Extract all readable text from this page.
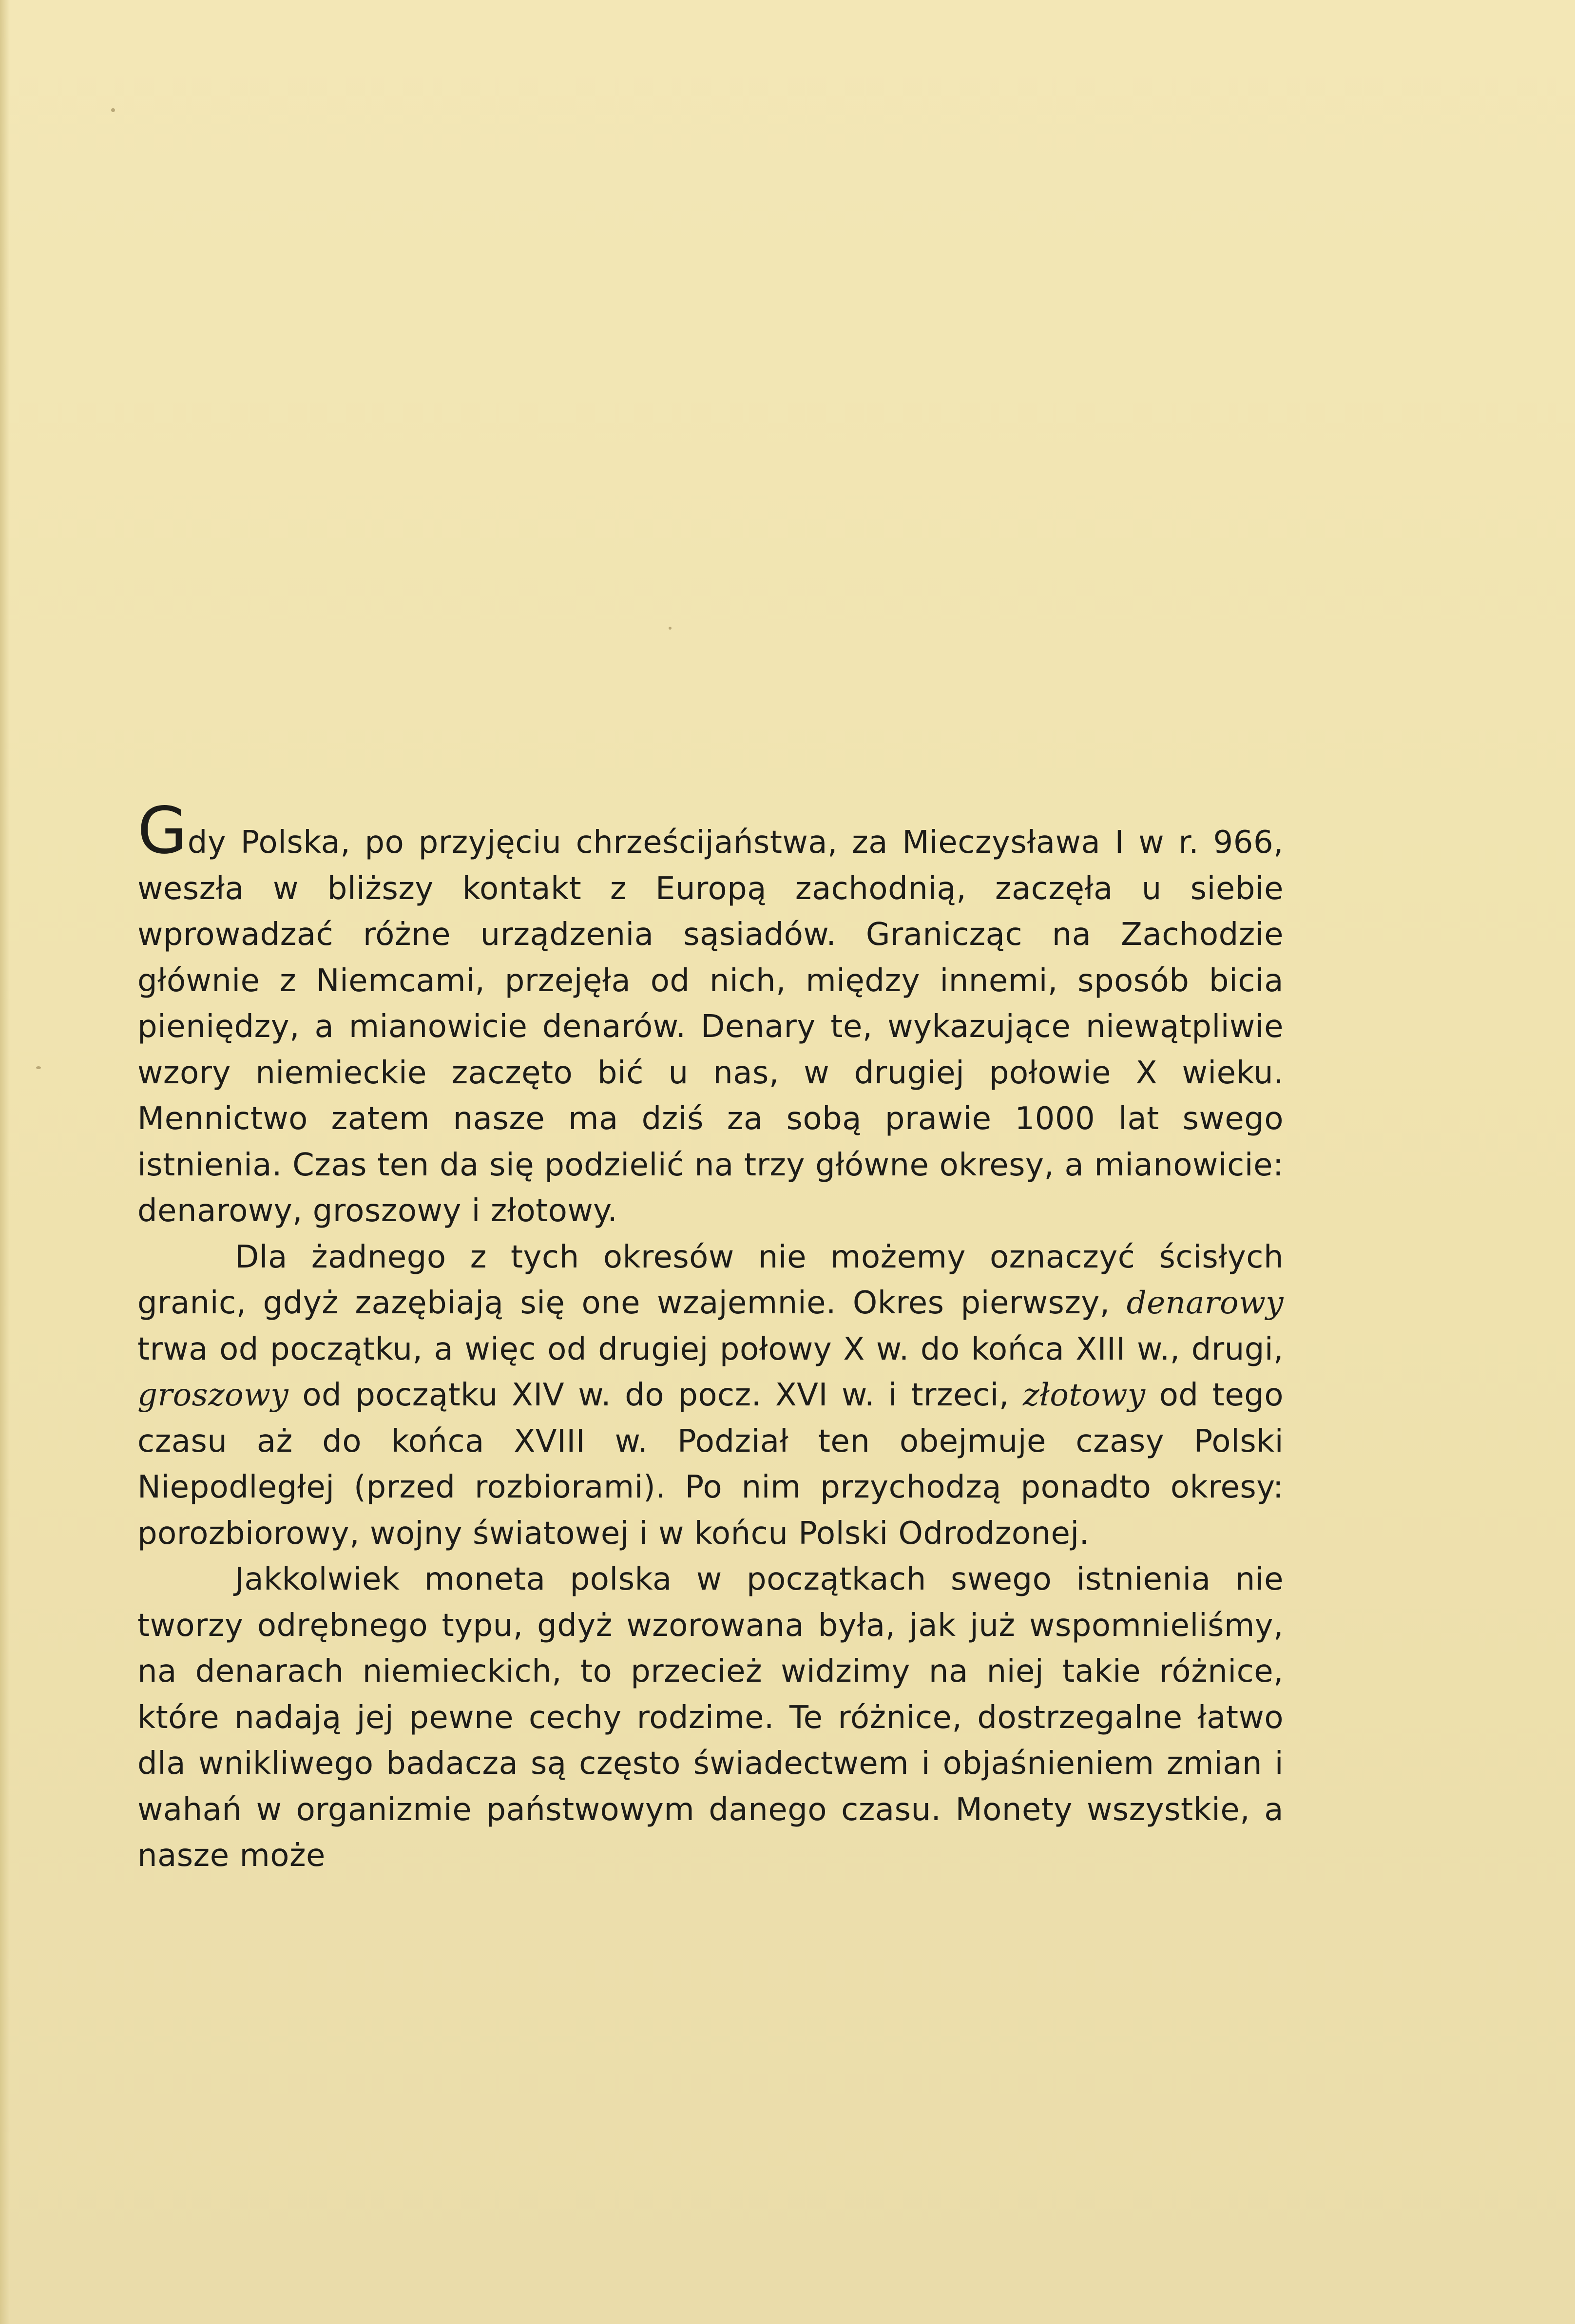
Gdy Polska, po przyjęciu chrześcijaństwa, za Mieczysława I w r. 966, weszła w bliższy kontakt z Europą zachodnią, zaczęła u siebie wprowadzać różne urządzenia sąsiadów. Granicząc na Zachodzie głównie z Niemcami, przejęła od nich, między innemi, sposób bicia pieniędzy, a mianowicie denarów. Denary te, wykazujące niewątpliwie wzory niemieckie zaczęto bić u nas, w drugiej połowie X wieku. Mennictwo zatem nasze ma dziś za sobą prawie 1000 lat swego istnienia. Czas ten da się podzielić na trzy główne okresy, a mianowicie: denarowy, groszowy i złotowy.

Dla żadnego z tych okresów nie możemy oznaczyć ścisłych granic, gdyż zazębiają się one wzajemnie. Okres pierwszy, denarowy trwa od początku, a więc od drugiej połowy X w. do końca XIII w., drugi, groszowy od początku XIV w. do pocz. XVI w. i trzeci, złotowy od tego czasu aż do końca XVIII w. Podział ten obejmuje czasy Polski Niepodległej (przed rozbiorami). Po nim przychodzą ponadto okresy: porozbiorowy, wojny światowej i w końcu Polski Odrodzonej.

Jakkolwiek moneta polska w początkach swego istnienia nie tworzy odrębnego typu, gdyż wzorowana była, jak już wspomnieliśmy, na denarach niemieckich, to przecież widzimy na niej takie różnice, które nadają jej pewne cechy rodzime. Te różnice, dostrzegalne łatwo dla wnikliwego badacza są często świadectwem i objaśnieniem zmian i wahań w organizmie państwowym danego czasu. Monety wszystkie, a nasze może
